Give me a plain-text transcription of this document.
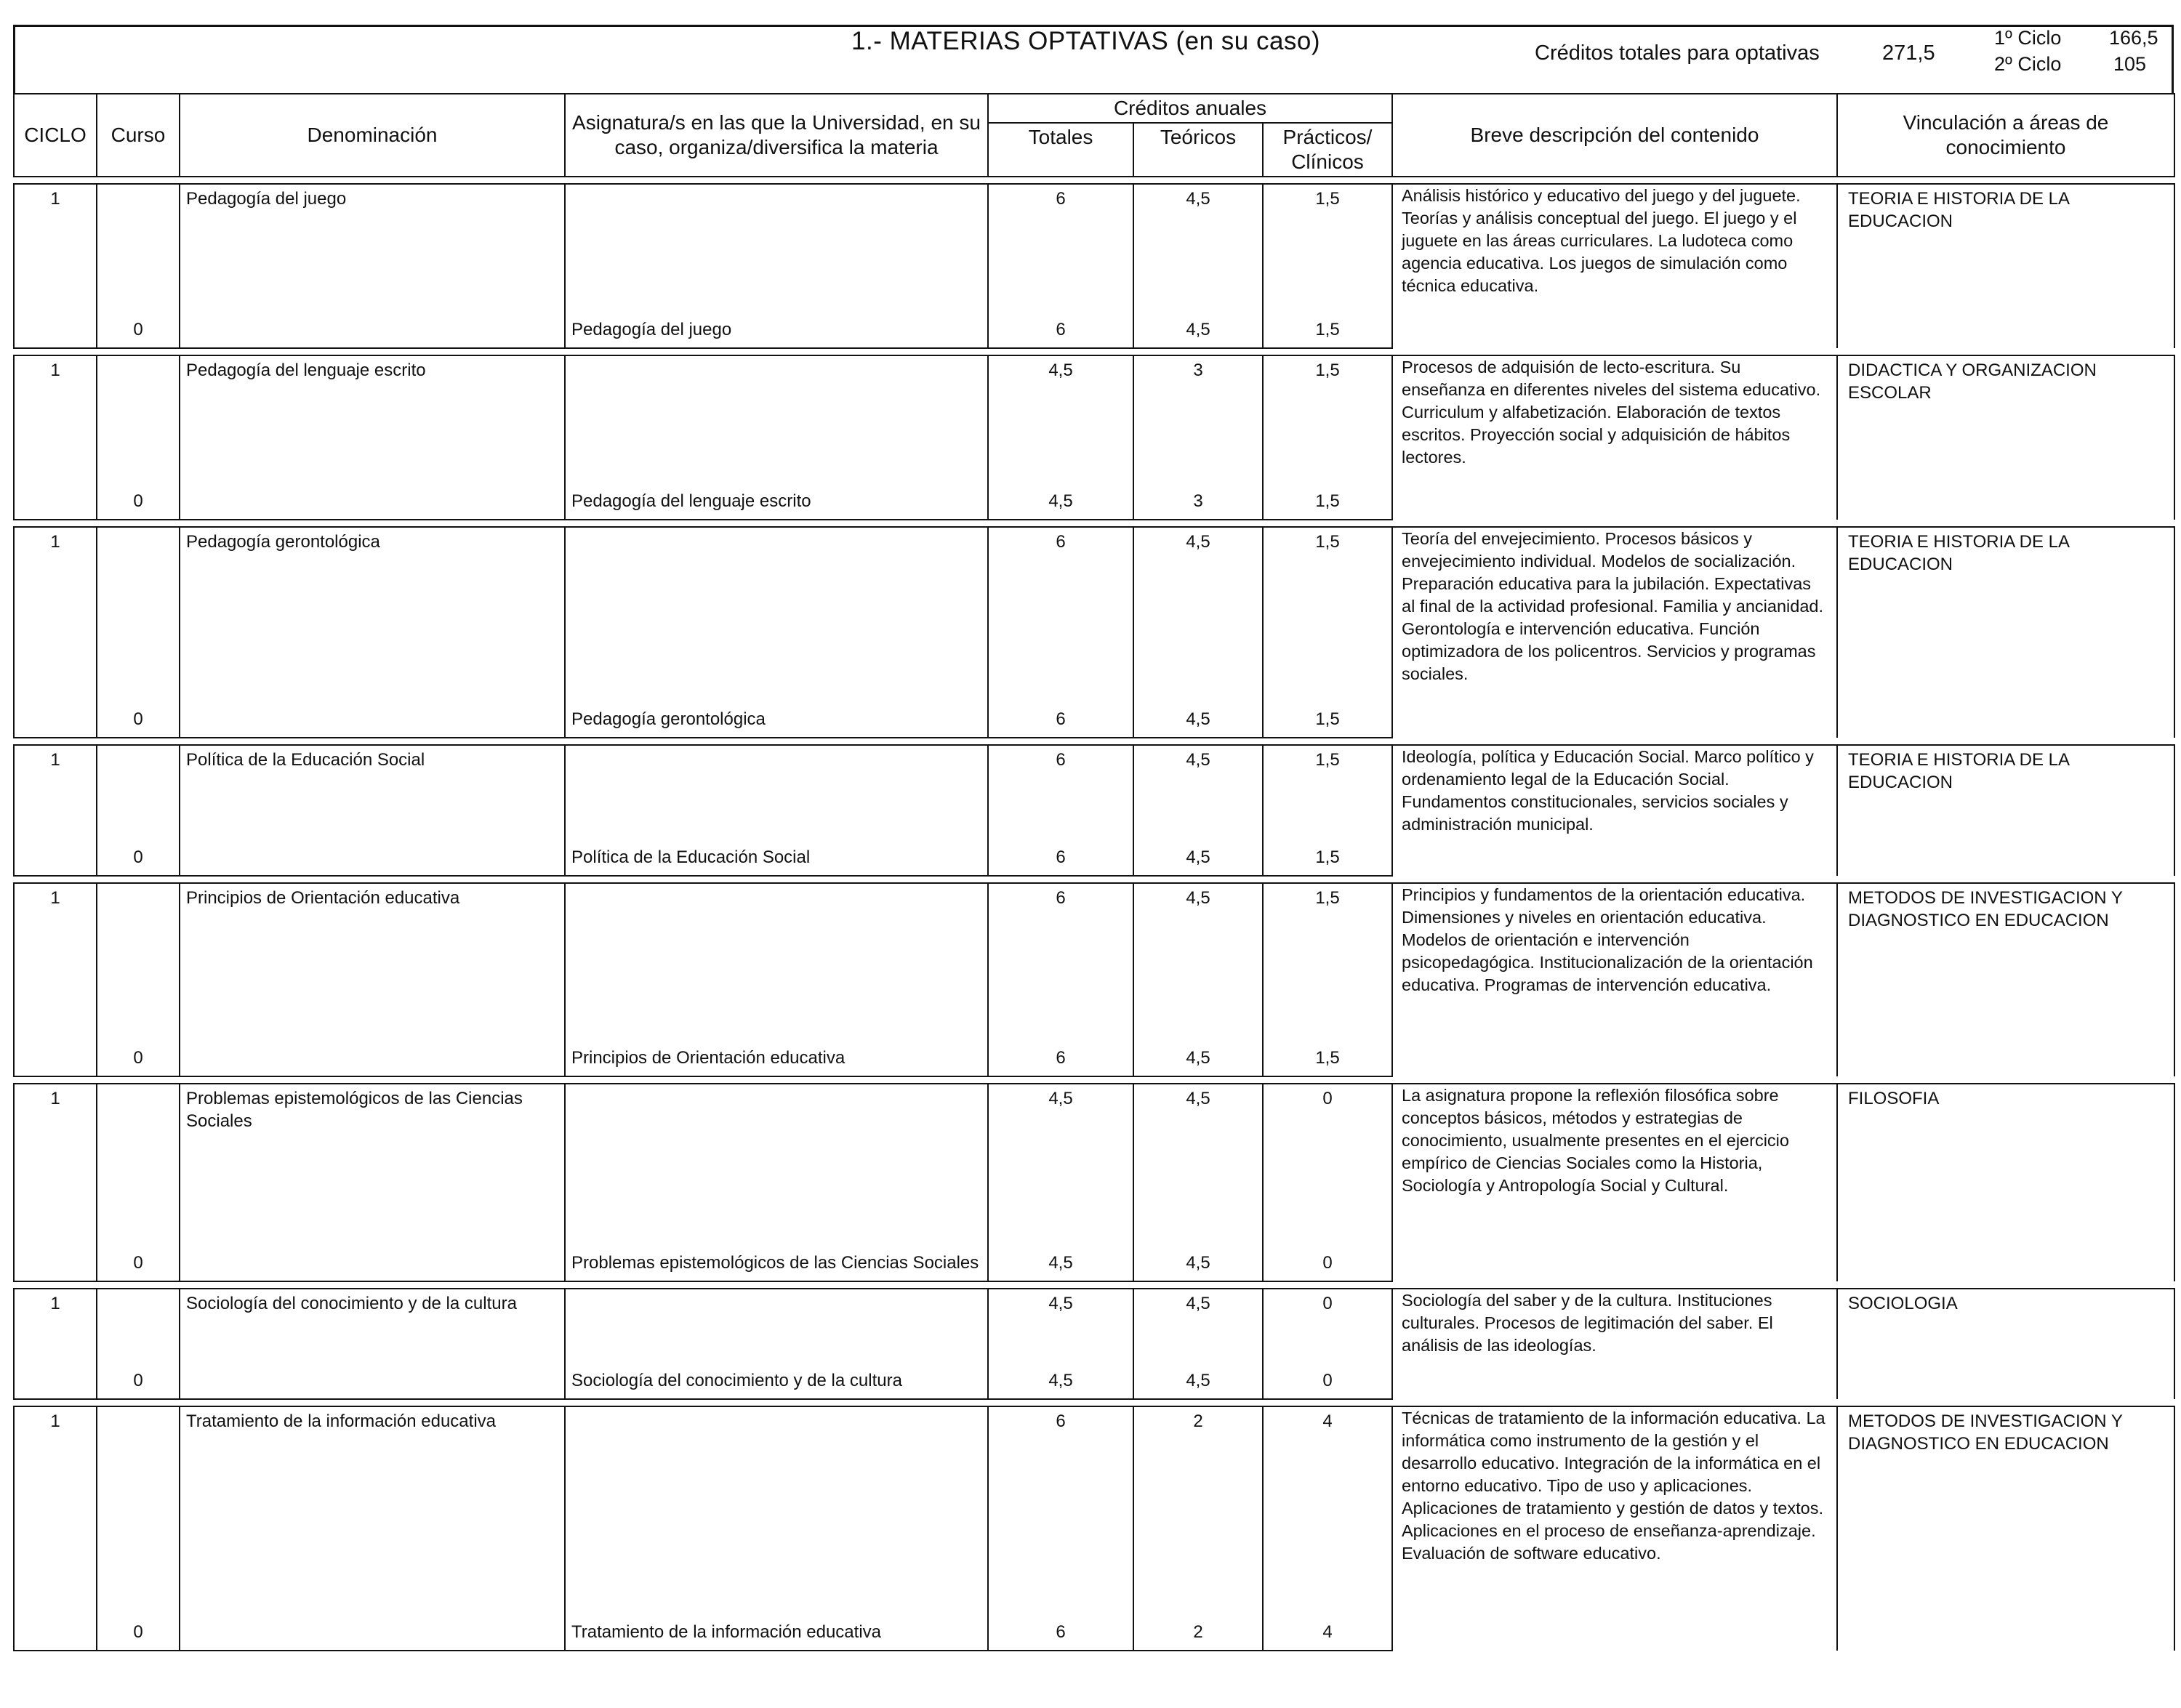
1.- MATERIAS OPTATIVAS (en su caso)	Créditos totales para optativas	271,5
1º Ciclo 166,5
2º Ciclo	105
CICLO	Curso	Denominación	Asignatura/s en las que la Universidad, en su caso, organiza/diversifica la materia	Créditos anuales			Breve descripción del contenido	Vinculación a áreas de conocimiento
				Totales	Teóricos	Prácticos/ Clínicos		

1		Pedagogía del juego		6	4,5	1,5	Análisis histórico y educativo del juego y del juguete. Teorías y análisis conceptual del juego. El juego y el juguete en las áreas curriculares. La ludoteca como agencia educativa. Los juegos de simulación como técnica educativa.	TEORIA E HISTORIA DE LA EDUCACION
	0		Pedagogía del juego	6	4,5	1,5		

1		Pedagogía del lenguaje escrito		4,5	3	1,5	Procesos de adquisión de lecto-escritura. Su enseñanza en diferentes niveles del sistema educativo. Curriculum y alfabetización. Elaboración de textos escritos. Proyección social y adquisición de hábitos lectores.	DIDACTICA Y ORGANIZACION ESCOLAR
	0		Pedagogía del lenguaje escrito	4,5	3	1,5		

1		Pedagogía gerontológica		6	4,5	1,5	Teoría del envejecimiento. Procesos básicos y envejecimiento individual. Modelos de socialización. Preparación educativa para la jubilación. Expectativas al final de la actividad profesional. Familia y ancianidad. Gerontología e intervención educativa. Función optimizadora de los policentros. Servicios y programas sociales.	TEORIA E HISTORIA DE LA EDUCACION
	0		Pedagogía gerontológica	6	4,5	1,5		

1		Política de la Educación Social		6	4,5	1,5	Ideología, política y Educación Social. Marco político y ordenamiento legal de la Educación Social. Fundamentos constitucionales, servicios sociales y administración municipal.	TEORIA E HISTORIA DE LA EDUCACION
	0		Política de la Educación Social	6	4,5	1,5		

1		Principios de Orientación educativa		6	4,5	1,5	Principios y fundamentos de la orientación educativa. Dimensiones y niveles en orientación educativa. Modelos de orientación e intervención psicopedagógica. Institucionalización de la orientación educativa. Programas de intervención educativa.	METODOS DE INVESTIGACION Y DIAGNOSTICO EN EDUCACION
	0		Principios de Orientación educativa	6	4,5	1,5		

1		Problemas epistemológicos de las Ciencias Sociales		4,5	4,5	0	La asignatura propone la reflexión filosófica sobre conceptos básicos, métodos y estrategias de conocimiento, usualmente presentes en el ejercicio empírico de Ciencias Sociales como la Historia, Sociología y Antropología Social y Cultural.	FILOSOFIA
	0		Problemas epistemológicos de las Ciencias Sociales	4,5	4,5	0		

1		Sociología del conocimiento y de la cultura		4,5	4,5	0	Sociología del saber y de la cultura. Instituciones culturales. Procesos de legitimación del saber. El análisis de las ideologías.	SOCIOLOGIA
	0		Sociología del conocimiento y de la cultura	4,5	4,5	0		

1		Tratamiento de la información educativa		6	2	4	Técnicas de tratamiento de la información educativa. La informática como instrumento de la gestión y el desarrollo educativo. Integración de la informática en el entorno educativo. Tipo de uso y aplicaciones. Aplicaciones de tratamiento y gestión de datos y textos. Aplicaciones en el proceso de enseñanza-aprendizaje. Evaluación de software educativo.	METODOS DE INVESTIGACION Y DIAGNOSTICO EN EDUCACION
	0		Tratamiento de la información educativa	6	2	4		
